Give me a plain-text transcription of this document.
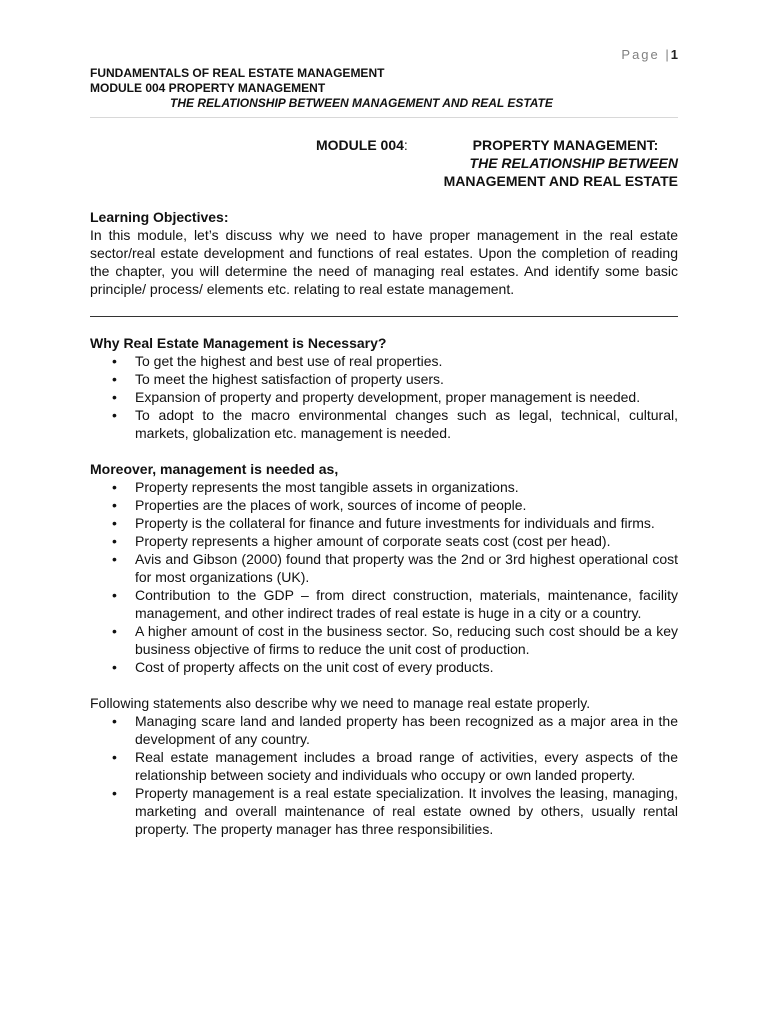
Page |1
FUNDAMENTALS OF REAL ESTATE MANAGEMENT
MODULE 004 PROPERTY MANAGEMENT
THE RELATIONSHIP BETWEEN MANAGEMENT AND REAL ESTATE
MODULE 004:	PROPERTY MANAGEMENT:
THE RELATIONSHIP BETWEEN
MANAGEMENT AND REAL ESTATE
Learning Objectives:

In this module, let’s discuss why we need to have proper management in the real estate sector/real estate development and functions of real estates. Upon the completion of reading the chapter, you will determine the need of managing real estates. And identify some basic principle/ process/ elements etc. relating to real estate management.

Why Real Estate Management is Necessary?
• To get the highest and best use of real properties.
• To meet the highest satisfaction of property users.
• Expansion of property and property development, proper management is needed.
• To adopt to the macro environmental changes such as legal, technical, cultural, markets, globalization etc. management is needed.
Moreover, management is needed as,
• Property represents the most tangible assets in organizations.
• Properties are the places of work, sources of income of people.
• Property is the collateral for finance and future investments for individuals and firms.
• Property represents a higher amount of corporate seats cost (cost per head).
• Avis and Gibson (2000) found that property was the 2nd or 3rd highest operational cost for most organizations (UK).
• Contribution to the GDP – from direct construction, materials, maintenance, facility management, and other indirect trades of real estate is huge in a city or a country.
• A higher amount of cost in the business sector. So, reducing such cost should be a key business objective of firms to reduce the unit cost of production.
• Cost of property affects on the unit cost of every products.

Following statements also describe why we need to manage real estate properly.

• Managing scare land and landed property has been recognized as a major area in the development of any country.
• Real estate management includes a broad range of activities, every aspects of the relationship between society and individuals who occupy or own landed property.
• Property management is a real estate specialization. It involves the leasing, managing, marketing and overall maintenance of real estate owned by others, usually rental property. The property manager has three responsibilities.
